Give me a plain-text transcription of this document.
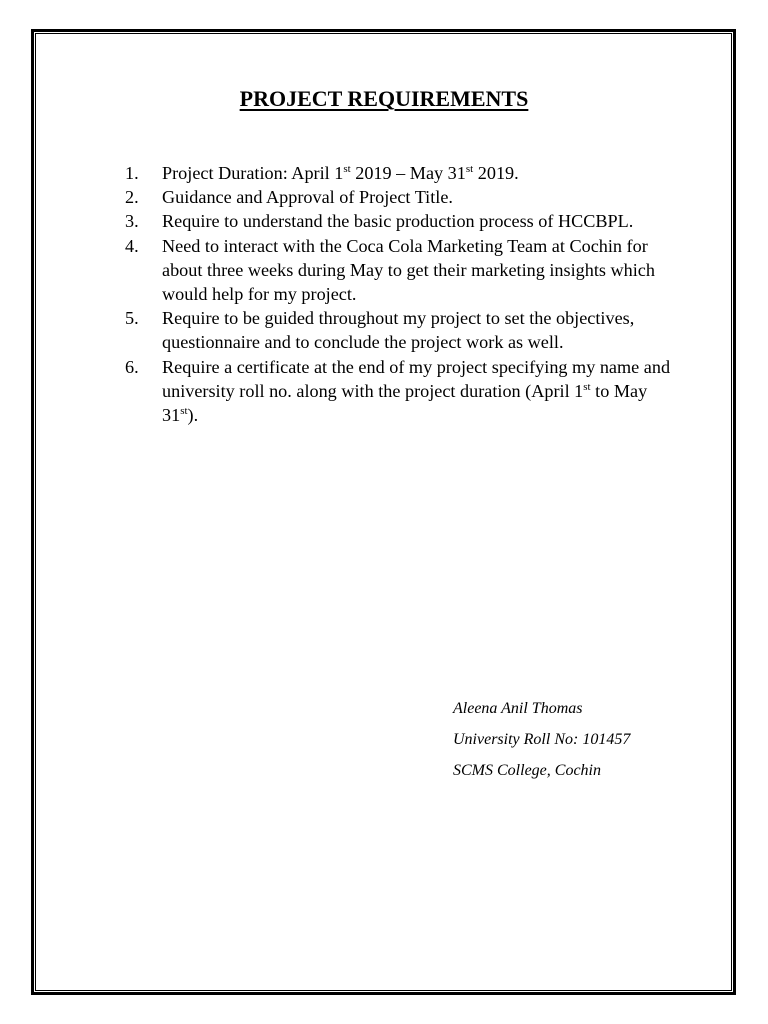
PROJECT REQUIREMENTS
1. Project Duration: April 1st 2019 – May 31st 2019.
2. Guidance and Approval of Project Title.
3. Require to understand the basic production process of HCCBPL.
4. Need to interact with the Coca Cola Marketing Team at Cochin for about three weeks during May to get their marketing insights which would help for my project.
5. Require to be guided throughout my project to set the objectives, questionnaire and to conclude the project work as well.
6. Require a certificate at the end of my project specifying my name and university roll no. along with the project duration (April 1st to May 31st).
Aleena Anil Thomas
University Roll No: 101457
SCMS College, Cochin
